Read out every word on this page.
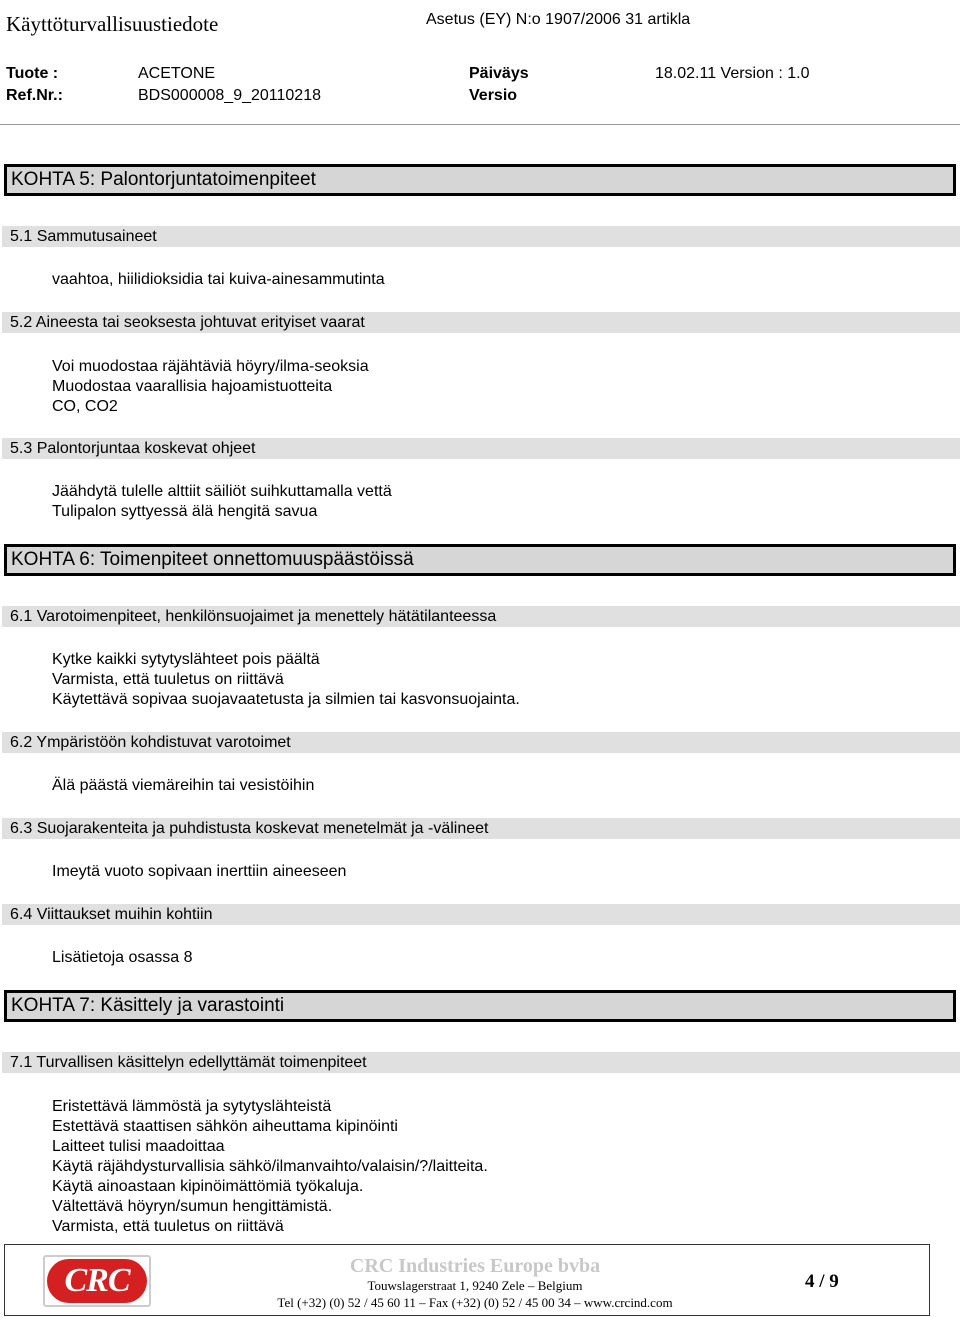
Käyttöturvallisuustiedote	Asetus (EY) N:o 1907/2006 31 artikla
Tuote :	ACETONE	Päiväys	18.02.11 Version : 1.0
Ref.Nr.:	BDS000008_9_20110218	Versio
KOHTA 5: Palontorjuntatoimenpiteet
5.1 Sammutusaineet
vaahtoa, hiilidioksidia tai kuiva-ainesammutinta
5.2 Aineesta tai seoksesta johtuvat erityiset vaarat
Voi muodostaa räjähtäviä höyry/ilma-seoksia
Muodostaa vaarallisia hajoamistuotteita
CO, CO2
5.3 Palontorjuntaa koskevat ohjeet
Jäähdytä tulelle alttiit säiliöt suihkuttamalla vettä
Tulipalon syttyessä älä hengitä savua
KOHTA 6: Toimenpiteet onnettomuuspäästöissä
6.1 Varotoimenpiteet, henkilönsuojaimet ja menettely hätätilanteessa
Kytke kaikki sytytyslähteet pois päältä
Varmista, että tuuletus on riittävä
Käytettävä sopivaa suojavaatetusta ja silmien tai kasvonsuojainta.
6.2 Ympäristöön kohdistuvat varotoimet
Älä päästä viemäreihin tai vesistöihin
6.3 Suojarakenteita ja puhdistusta koskevat menetelmät ja -välineet
Imeytä vuoto sopivaan inerttiin aineeseen
6.4 Viittaukset muihin kohtiin
Lisätietoja osassa 8
KOHTA 7: Käsittely ja varastointi
7.1 Turvallisen käsittelyn edellyttämät toimenpiteet
Eristettävä lämmöstä ja sytytyslähteistä
Estettävä staattisen sähkön aiheuttama kipinöinti
Laitteet tulisi maadoittaa
Käytä räjähdysturvallisia sähkö/ilmanvaihto/valaisin/?/laitteita.
Käytä ainoastaan kipinöimättömiä työkaluja.
Vältettävä höyryn/sumun hengittämistä.
Varmista, että tuuletus on riittävä
CRC	CRC Industries Europe bvba
Touwslagerstraat 1, 9240 Zele – Belgium
Tel (+32) (0) 52 / 45 60 11 – Fax (+32) (0) 52 / 45 00 34 – www.crcind.com
4 / 9
